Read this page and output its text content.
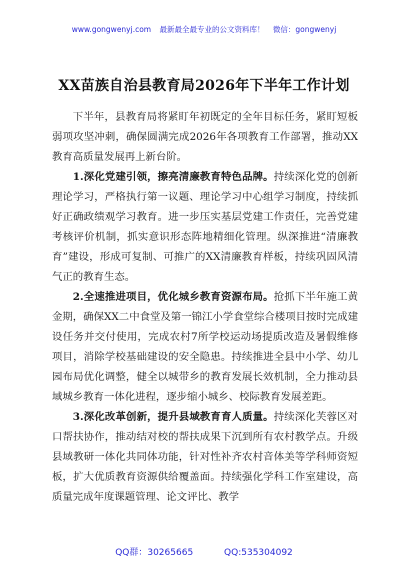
www.gongwenyj.com 最新最全最专业的公文资料库！ 微信：gongwenyj
XX苗族自治县教育局2026年下半年工作计划

下半年，县教育局将紧盯年初既定的全年目标任务，紧盯短板弱项攻坚冲刺，确保圆满完成2026年各项教育工作部署，推动XX教育高质量发展再上新台阶。

1.深化党建引领，擦亮清廉教育特色品牌。持续深化党的创新理论学习，严格执行第一议题、理论学习中心组学习制度，持续抓好正确政绩观学习教育。进一步压实基层党建工作责任，完善党建考核评价机制，抓实意识形态阵地精细化管理。纵深推进“清廉教育”建设，形成可复制、可推广的XX清廉教育样板，持续巩固风清气正的教育生态。

2.全速推进项目，优化城乡教育资源布局。抢抓下半年施工黄金期，确保XX二中食堂及第一锦江小学食堂综合楼项目按时完成建设任务并交付使用，完成农村7所学校运动场提质改造及暑假维修项目，消除学校基础建设的安全隐患。持续推进全县中小学、幼儿园布局优化调整，健全以城带乡的教育发展长效机制，全力推动县域城乡教育一体化进程，逐步缩小城乡、校际教育发展差距。

3.深化改革创新，提升县域教育育人质量。持续深化芙蓉区对口帮扶协作，推动结对校的帮扶成果下沉到所有农村教学点。升级县域教研一体化共同体功能，针对性补齐农村音体美等学科师资短板，扩大优质教育资源供给覆盖面。持续强化学科工作室建设，高质量完成年度课题管理、论文评比、教学

QQ群：30265665	QQ:535304092
